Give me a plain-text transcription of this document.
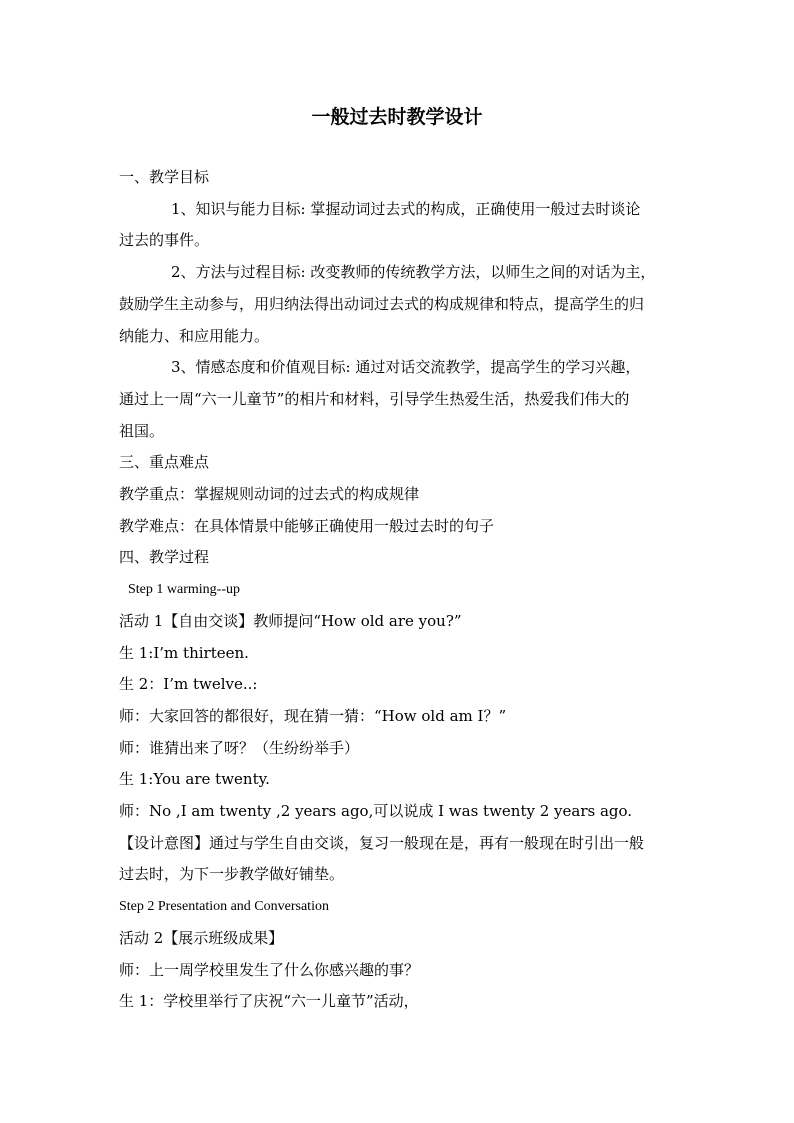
一般过去时教学设计

一、教学目标

1、知识与能力目标: 掌握动词过去式的构成，正确使用一般过去时谈论

过去的事件。

2、方法与过程目标: 改变教师的传统教学方法，以师生之间的对话为主，

鼓励学生主动参与，用归纳法得出动词过去式的构成规律和特点，提高学生的归

纳能力、和应用能力。

3、情感态度和价值观目标: 通过对话交流教学，提高学生的学习兴趣，

通过上一周“六一儿童节”的相片和材料，引导学生热爱生活，热爱我们伟大的

祖国。

三、重点难点

教学重点：掌握规则动词的过去式的构成规律

教学难点：在具体情景中能够正确使用一般过去时的句子

四、教学过程

Step 1 warming--up

活动 1【自由交谈】教师提问“How old are you?”

生 1:I’m thirteen.

生 2：I’m twelve..:

师：大家回答的都很好，现在猜一猜：“How old am I？”

师：谁猜出来了呀？（生纷纷举手）

生 1:You are twenty.

师：No ,I am twenty ,2 years ago,可以说成 I was twenty 2 years ago.

【设计意图】通过与学生自由交谈，复习一般现在是，再有一般现在时引出一般

过去时，为下一步教学做好铺垫。

Step 2 Presentation and Conversation

活动 2【展示班级成果】

师：上一周学校里发生了什么你感兴趣的事？

生 1：学校里举行了庆祝“六一儿童节”活动，
